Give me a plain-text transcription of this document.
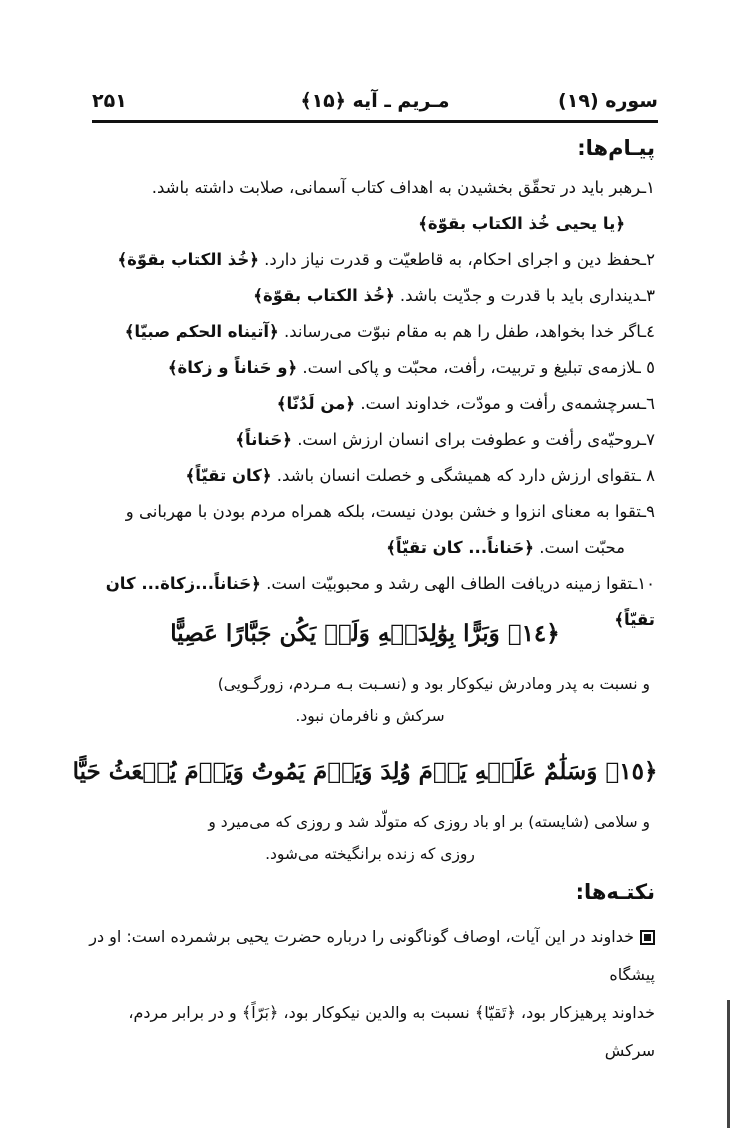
سوره (۱۹)
مـريم ـ آيه ﴿۱۵﴾
۲۵۱
پيـام‌ها:
۱ـرهبر بايد در تحقّق بخشيدن به اهداف كتاب آسمانى، صلابت داشته باشد.
﴿يا يحيى خُذ الكتاب بقوّة﴾
۲ـحفظ دين و اجراى احكام، به قاطعيّت و قدرت نياز دارد. ﴿خُذ الكتاب بقوّة﴾
۳ـديندارى بايد با قدرت و جدّيت باشد. ﴿خُذ الكتاب بقوّة﴾
٤ـاگر خدا بخواهد، طفل را هم به مقام نبوّت مى‌رساند. ﴿آتيناه الحكم صبيّا﴾
٥ ـلازمه‌ى تبليغ و تربيت، رأفت، محبّت و پاكى است. ﴿و حَناناً و زكاة﴾
٦ـسرچشمه‌ى رأفت و مودّت، خداوند است. ﴿من لَدُنّا﴾
۷ـروحيّه‌ى رأفت و عطوفت براى انسان ارزش است. ﴿حَناناً﴾
۸ ـتقواى ارزش دارد كه هميشگى و خصلت انسان باشد. ﴿كان تقيّاً﴾
۹ـتقوا به معناى انزوا و خشن بودن نيست، بلكه همراه مردم بودن با مهربانى و
محبّت است. ﴿حَناناً... كان تقيّاً﴾
۱۰ـتقوا زمينه دريافت الطاف الهى رشد و محبوبيّت است. ﴿حَناناً...زكاة... كان تقيّاً﴾
﴿۱٤﴾ وَبَرًّا بِوَٰلِدَيۡهِ وَلَمۡ يَكُن جَبَّارًا عَصِيًّا
و نسبت به پدر ومادرش نيكوكار بود و (نسـبت بـه مـردم، زورگـويى)
سركش و نافرمان نبود.
﴿۱٥﴾ وَسَلَٰمٌ عَلَيۡهِ يَوۡمَ وُلِدَ وَيَوۡمَ يَمُوتُ وَيَوۡمَ يُبۡعَثُ حَيًّا
و سلامى (شايسته) بر او باد روزى كه متولّد شد و روزى كه مى‌ميرد و
روزى كه زنده برانگيخته مى‌شود.
نكتـه‌ها:
خداوند در اين آيات، اوصاف گوناگونى را درباره حضرت يحيى برشمرده است: او در پيشگاه
خداوند پرهيزكار بود، ﴿تَقيّا﴾ نسبت به والدين نيكوكار بود، ﴿بَرّاً﴾ و در برابر مردم، سركش
